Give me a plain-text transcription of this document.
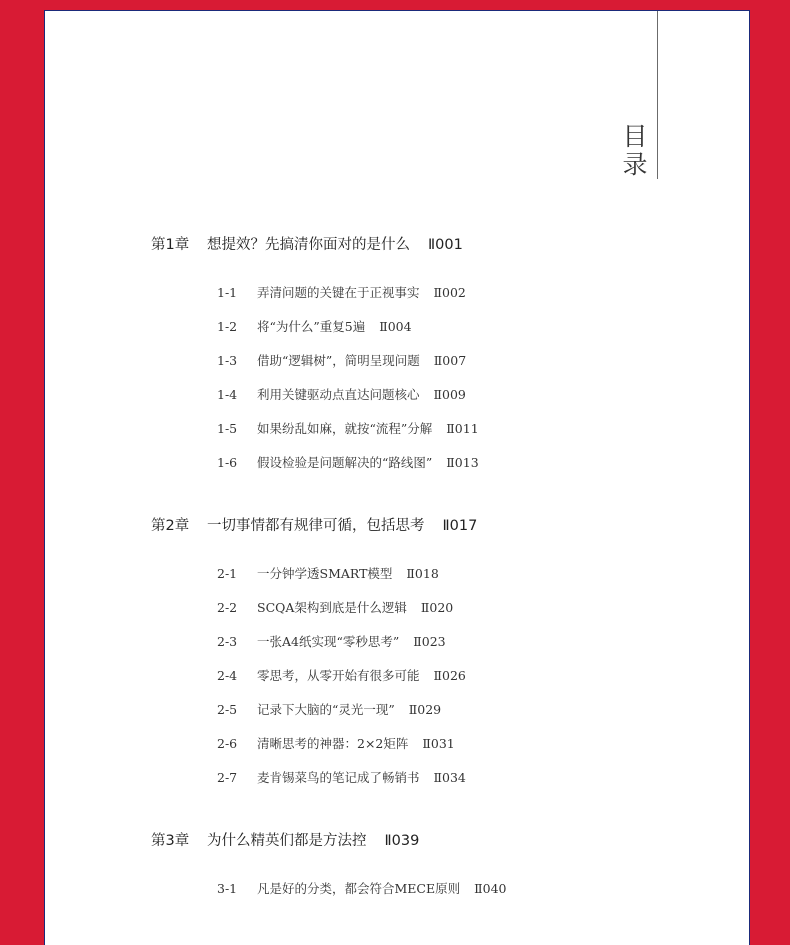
目
录
第1章 想提效？先搞清你面对的是什么 Ⅱ001
1-1 弄清问题的关键在于正视事实 Ⅱ002
1-2 将“为什么”重复5遍 Ⅱ004
1-3 借助“逻辑树”，简明呈现问题 Ⅱ007
1-4 利用关键驱动点直达问题核心 Ⅱ009
1-5 如果纷乱如麻，就按“流程”分解 Ⅱ011
1-6 假设检验是问题解决的“路线图” Ⅱ013
第2章 一切事情都有规律可循，包括思考 Ⅱ017
2-1 一分钟学透SMART模型 Ⅱ018
2-2 SCQA架构到底是什么逻辑 Ⅱ020
2-3 一张A4纸实现“零秒思考” Ⅱ023
2-4 零思考，从零开始有很多可能 Ⅱ026
2-5 记录下大脑的“灵光一现” Ⅱ029
2-6 清晰思考的神器：2×2矩阵 Ⅱ031
2-7 麦肯锡菜鸟的笔记成了畅销书 Ⅱ034
第3章 为什么精英们都是方法控 Ⅱ039
3-1 凡是好的分类，都会符合MECE原则 Ⅱ040
